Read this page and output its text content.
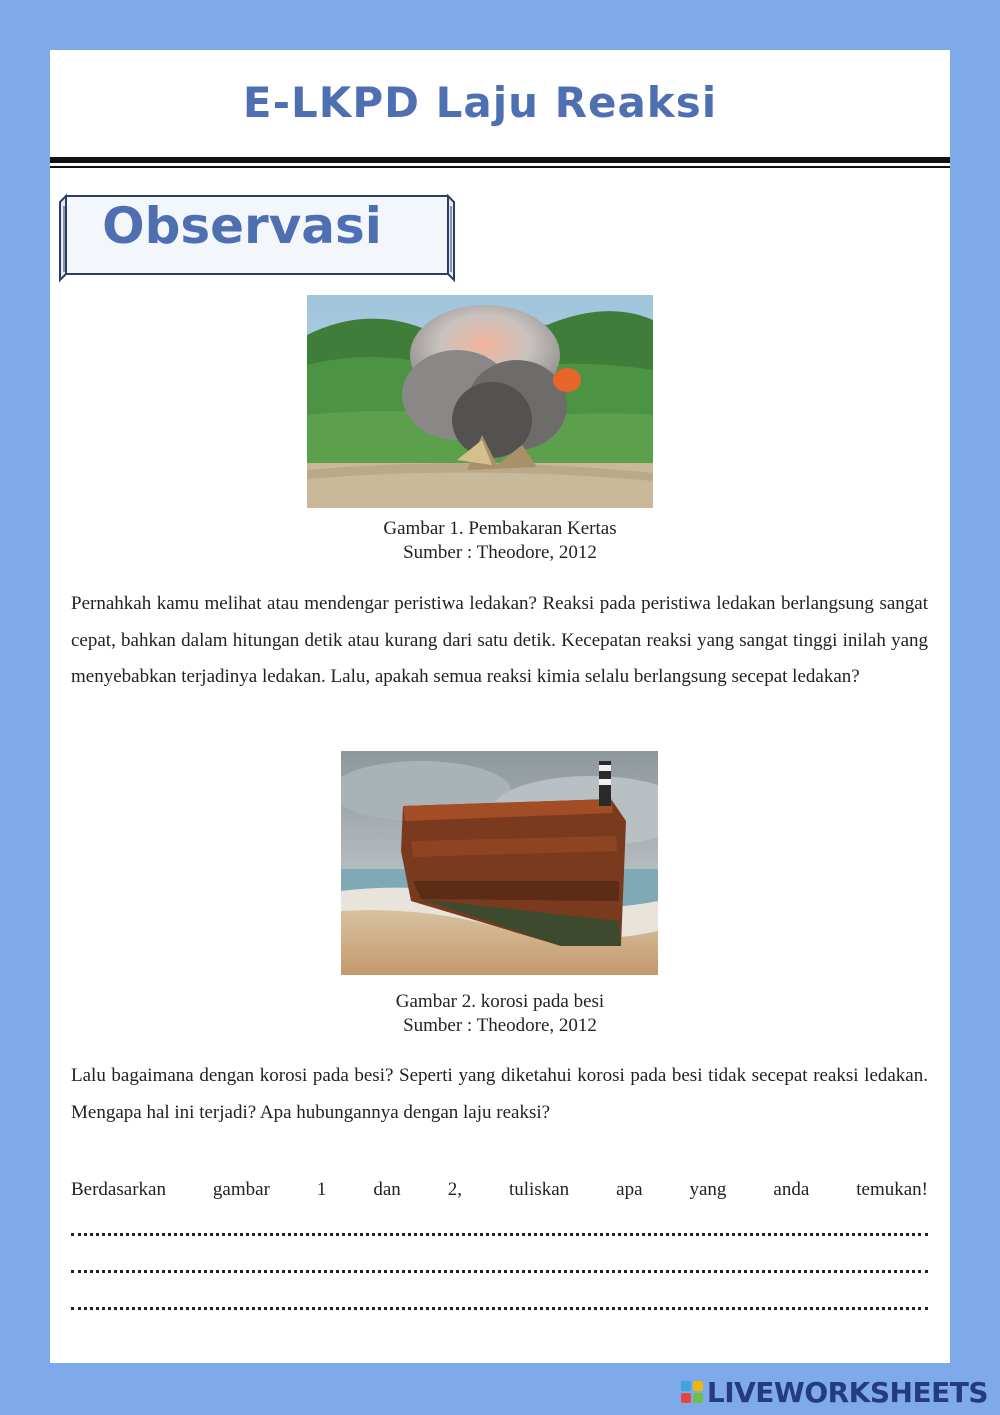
E-LKPD Laju Reaksi
Observasi
Gambar 1. Pembakaran Kertas
Sumber : Theodore, 2012

Pernahkah kamu melihat atau mendengar peristiwa ledakan? Reaksi pada peristiwa ledakan berlangsung sangat cepat, bahkan dalam hitungan detik atau kurang dari satu detik. Kecepatan reaksi yang sangat tinggi inilah yang menyebabkan terjadinya ledakan. Lalu, apakah semua reaksi kimia selalu berlangsung secepat ledakan?

Gambar 2. korosi pada besi
Sumber : Theodore, 2012

Lalu bagaimana dengan korosi pada besi? Seperti yang diketahui korosi pada besi tidak secepat reaksi ledakan. Mengapa hal ini terjadi? Apa hubungannya dengan laju reaksi?

Berdasarkan gambar 1 dan 2, tuliskan apa yang anda temukan!
LIVEWORKSHEETS
